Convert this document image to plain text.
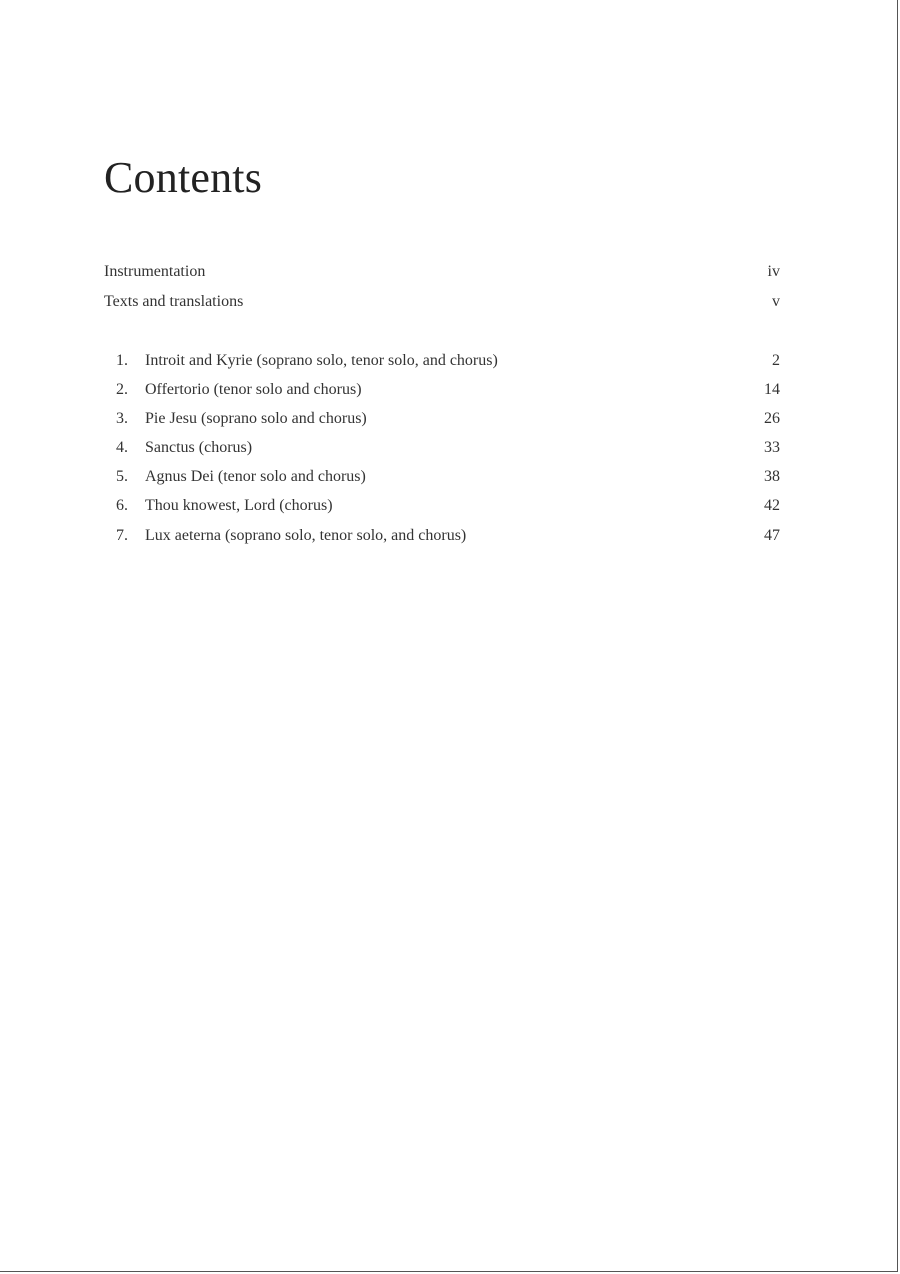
Contents
Instrumentation	iv
Texts and translations	v
1. Introit and Kyrie (soprano solo, tenor solo, and chorus)	2
2. Offertorio (tenor solo and chorus)	14
3. Pie Jesu (soprano solo and chorus)	26
4. Sanctus (chorus)	33
5. Agnus Dei (tenor solo and chorus)	38
6. Thou knowest, Lord (chorus)	42
7. Lux aeterna (soprano solo, tenor solo, and chorus)	47
